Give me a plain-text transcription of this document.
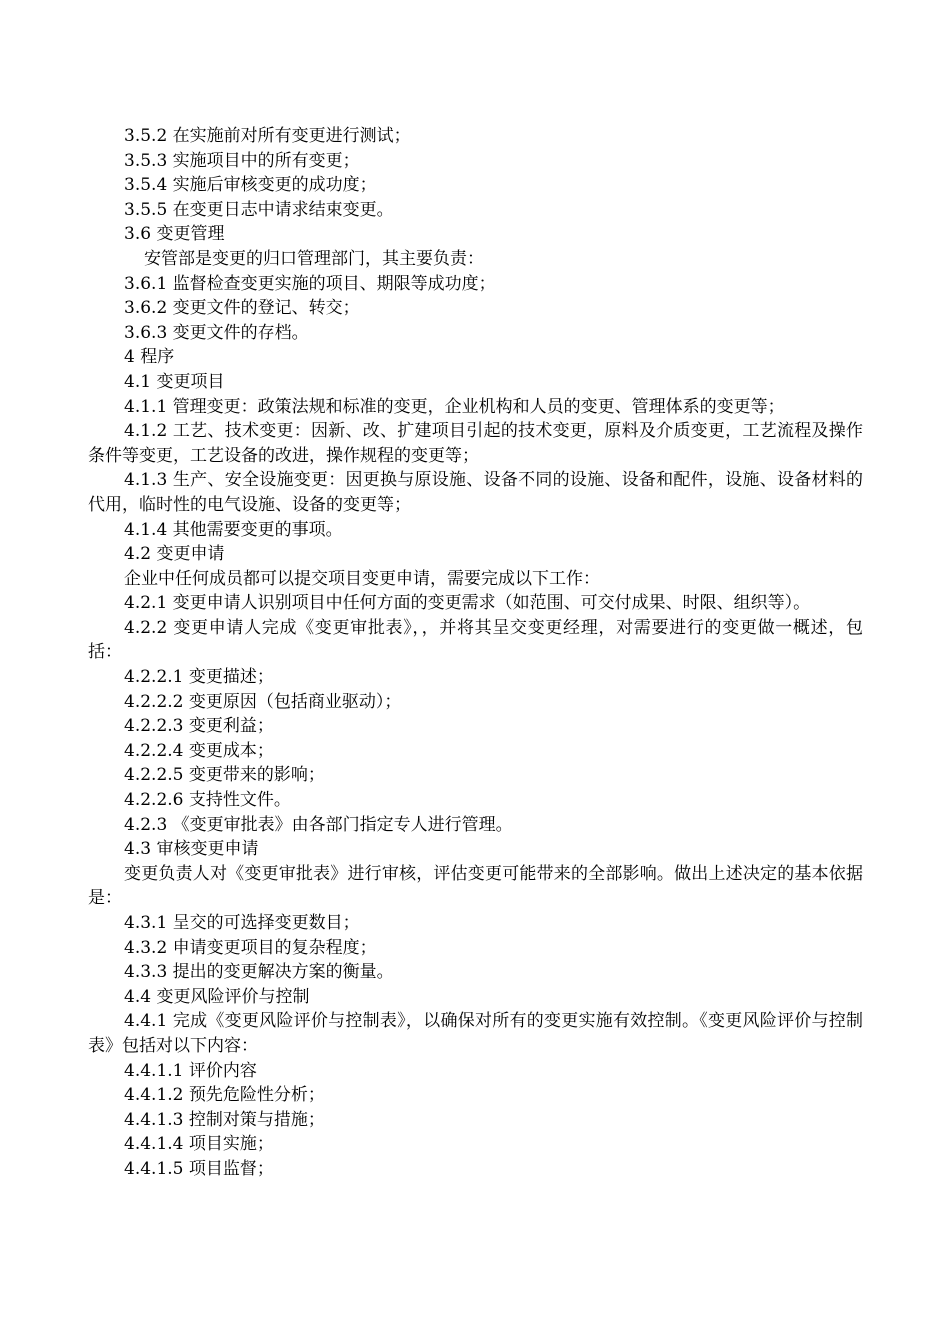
3.5.2 在实施前对所有变更进行测试；

3.5.3 实施项目中的所有变更；

3.5.4 实施后审核变更的成功度；

3.5.5 在变更日志中请求结束变更。

3.6 变更管理

安管部是变更的归口管理部门，其主要负责：

3.6.1 监督检查变更实施的项目、期限等成功度；

3.6.2 变更文件的登记、转交；

3.6.3 变更文件的存档。

4 程序

4.1 变更项目

4.1.1 管理变更：政策法规和标准的变更，企业机构和人员的变更、管理体系的变更等；

4.1.2 工艺、技术变更：因新、改、扩建项目引起的技术变更，原料及介质变更，工艺流程及操作条件等变更，工艺设备的改进，操作规程的变更等；

4.1.3 生产、安全设施变更：因更换与原设施、设备不同的设施、设备和配件，设施、设备材料的代用，临时性的电气设施、设备的变更等；

4.1.4 其他需要变更的事项。

4.2 变更申请

企业中任何成员都可以提交项目变更申请，需要完成以下工作：

4.2.1 变更申请人识别项目中任何方面的变更需求（如范围、可交付成果、时限、组织等）。

4.2.2 变更申请人完成《变更审批表》，，并将其呈交变更经理，对需要进行的变更做一概述，包括：

4.2.2.1 变更描述；

4.2.2.2 变更原因（包括商业驱动）；

4.2.2.3 变更利益；

4.2.2.4 变更成本；

4.2.2.5 变更带来的影响；

4.2.2.6 支持性文件。

4.2.3 《变更审批表》由各部门指定专人进行管理。

4.3 审核变更申请

变更负责人对《变更审批表》进行审核，评估变更可能带来的全部影响。做出上述决定的基本依据是：

4.3.1 呈交的可选择变更数目；

4.3.2 申请变更项目的复杂程度；

4.3.3 提出的变更解决方案的衡量。

4.4 变更风险评价与控制

4.4.1 完成《变更风险评价与控制表》，以确保对所有的变更实施有效控制。《变更风险评价与控制表》包括对以下内容：

4.4.1.1 评价内容

4.4.1.2 预先危险性分析；

4.4.1.3 控制对策与措施；

4.4.1.4 项目实施；

4.4.1.5 项目监督；
